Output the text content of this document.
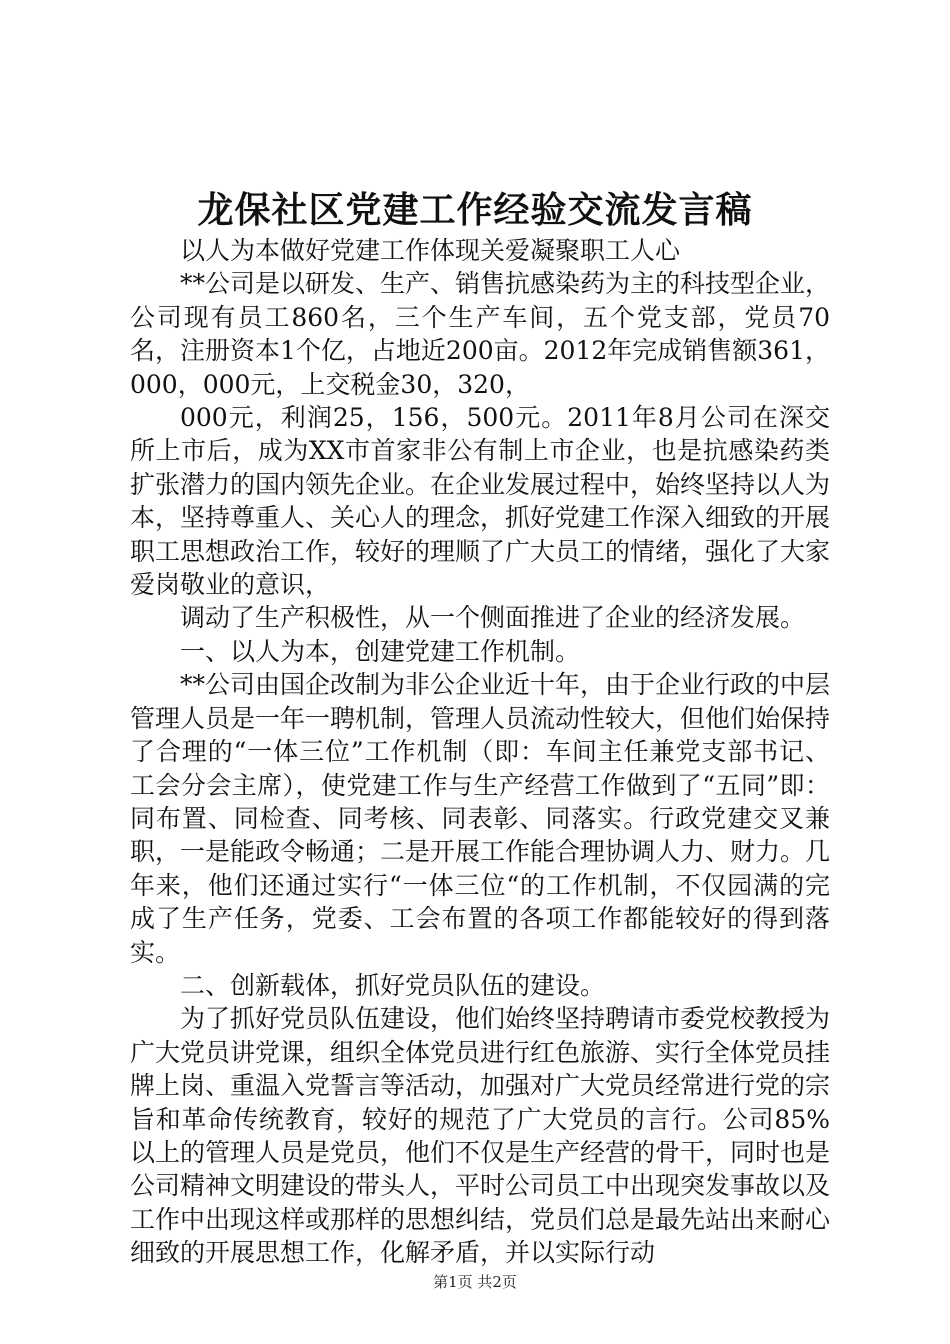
龙保社区党建工作经验交流发言稿

以人为本做好党建工作体现关爱凝聚职工人心

**公司是以研发、生产、销售抗感染药为主的科技型企业，公司现有员工860名，三个生产车间，五个党支部，党员70名，注册资本1个亿，占地近200亩。2012年完成销售额361，000，000元，上交税金30，320，

000元，利润25，156，500元。2011年8月公司在深交所上市后，成为XX市首家非公有制上市企业，也是抗感染药类扩张潜力的国内领先企业。在企业发展过程中，始终坚持以人为本，坚持尊重人、关心人的理念，抓好党建工作深入细致的开展职工思想政治工作，较好的理顺了广大员工的情绪，强化了大家爱岗敬业的意识，

调动了生产积极性，从一个侧面推进了企业的经济发展。

一、以人为本，创建党建工作机制。

**公司由国企改制为非公企业近十年，由于企业行政的中层管理人员是一年一聘机制，管理人员流动性较大，但他们始保持了合理的“一体三位”工作机制（即：车间主任兼党支部书记、工会分会主席），使党建工作与生产经营工作做到了“五同”即：同布置、同检查、同考核、同表彰、同落实。行政党建交叉兼职，一是能政令畅通；二是开展工作能合理协调人力、财力。几年来，他们还通过实行“一体三位“的工作机制，不仅园满的完成了生产任务，党委、工会布置的各项工作都能较好的得到落实。

二、创新载体，抓好党员队伍的建设。

为了抓好党员队伍建设，他们始终坚持聘请市委党校教授为广大党员讲党课，组织全体党员进行红色旅游、实行全体党员挂牌上岗、重温入党誓言等活动，加强对广大党员经常进行党的宗旨和革命传统教育，较好的规范了广大党员的言行。公司85%以上的管理人员是党员，他们不仅是生产经营的骨干，同时也是公司精神文明建设的带头人，平时公司员工中出现突发事故以及工作中出现这样或那样的思想纠结，党员们总是最先站出来耐心细致的开展思想工作，化解矛盾，并以实际行动

第1页 共2页
